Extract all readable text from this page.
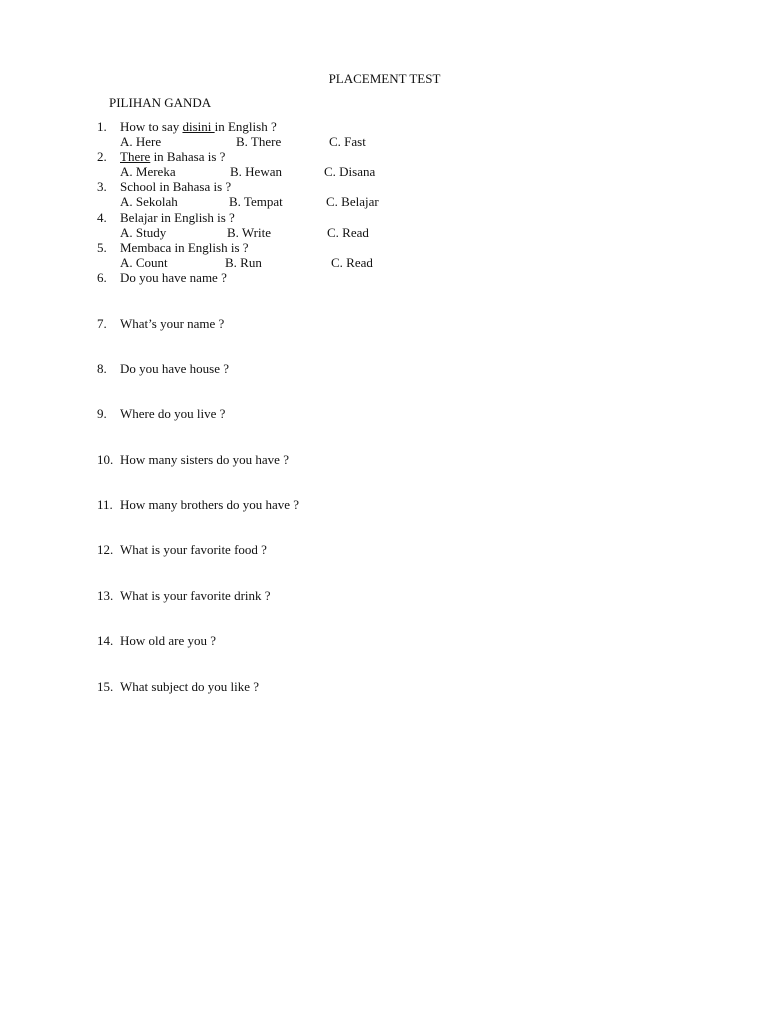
PLACEMENT TEST
PILIHAN GANDA
1. How to say disini in English ?
A. Here	B. There	C. Fast
2. There in Bahasa is ?
A. Mereka	B. Hewan	C. Disana
3. School in Bahasa is ?
A. Sekolah	B. Tempat	C. Belajar
4. Belajar in English is ?
A. Study	B. Write	C. Read
5. Membaca in English is ?
A. Count	B. Run	C. Read
6. Do you have name ?
7. What’s your name ?
8. Do you have house ?
9. Where do you live ?
10. How many sisters do you have ?
11. How many brothers do you have ?
12. What is your favorite food ?
13. What is your favorite drink ?
14. How old are you ?
15. What subject do you like ?
